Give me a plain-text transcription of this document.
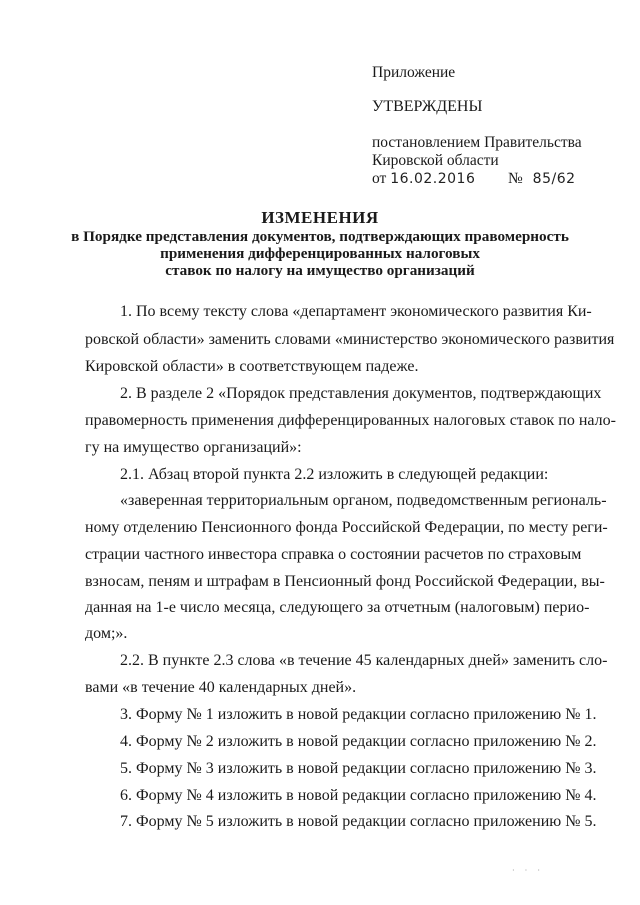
Приложение
УТВЕРЖДЕНЫ
постановлением Правительства
Кировской области
от 16.02.2016 № 85/62
ИЗМЕНЕНИЯ
в Порядке представления документов, подтверждающих правомерность
применения дифференцированных налоговых
ставок по налогу на имущество организаций
1. По всему тексту слова «департамент экономического развития Ки-
ровской области» заменить словами «министерство экономического развития
Кировской области» в соответствующем падеже.
2. В разделе 2 «Порядок представления документов, подтверждающих
правомерность применения дифференцированных налоговых ставок по нало-
гу на имущество организаций»:
2.1. Абзац второй пункта 2.2 изложить в следующей редакции:
«заверенная территориальным органом, подведомственным региональ-
ному отделению Пенсионного фонда Российской Федерации, по месту реги-
страции частного инвестора справка о состоянии расчетов по страховым
взносам, пеням и штрафам в Пенсионный фонд Российской Федерации, вы-
данная на 1-е число месяца, следующего за отчетным (налоговым) перио-
дом;».
2.2. В пункте 2.3 слова «в течение 45 календарных дней» заменить сло-
вами «в течение 40 календарных дней».
3. Форму № 1 изложить в новой редакции согласно приложению № 1.
4. Форму № 2 изложить в новой редакции согласно приложению № 2.
5. Форму № 3 изложить в новой редакции согласно приложению № 3.
6. Форму № 4 изложить в новой редакции согласно приложению № 4.
7. Форму № 5 изложить в новой редакции согласно приложению № 5.
· · ·
